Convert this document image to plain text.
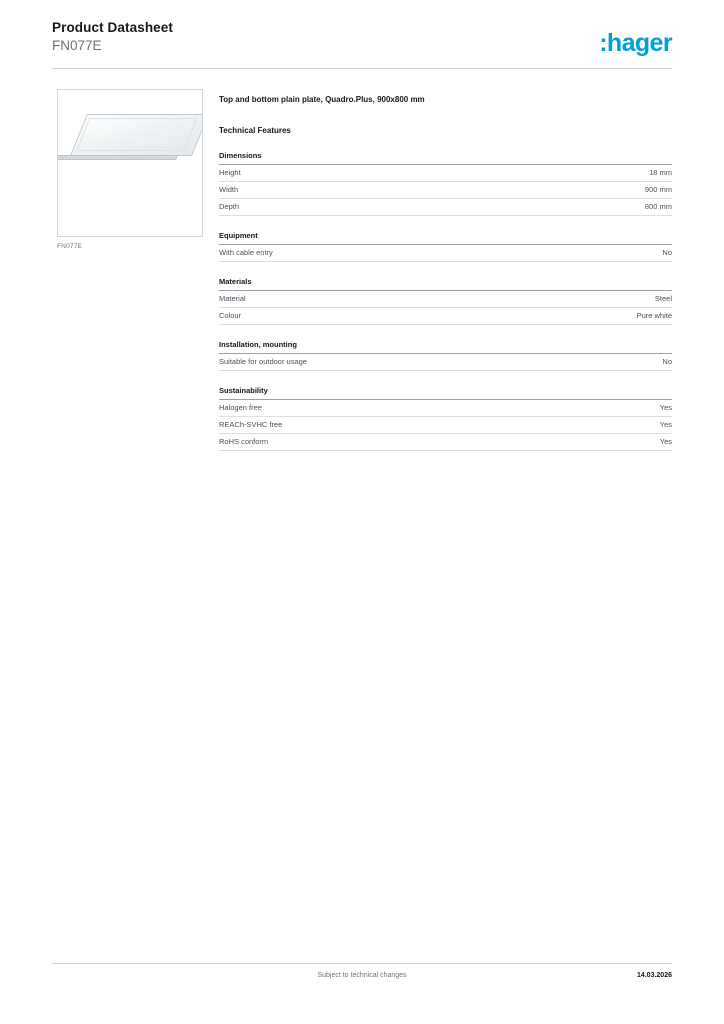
Product Datasheet
FN077E	:hager
FN077E

Top and bottom plain plate, Quadro.Plus, 900x800 mm

Technical Features
Dimensions
Height	18 mm
Width	900 mm
Depth	800 mm
Equipment
With cable entry	No
Materials
Material	Steel
Colour	Pure white
Installation, mounting
Suitable for outdoor usage	No
Sustainability
Halogen free	Yes
REACh-SVHC free	Yes
RoHS conform	Yes
Subject to technical changes	14.03.2026
